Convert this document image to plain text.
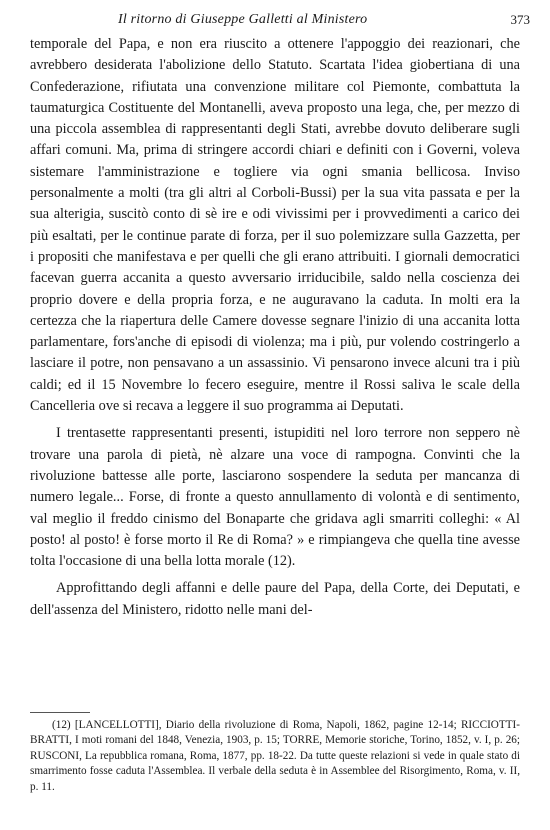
Il ritorno di Giuseppe Galletti al Ministero	373

temporale del Papa, e non era riuscito a ottenere l'appoggio dei reazionari, che avrebbero desiderata l'abolizione dello Statuto. Scartata l'idea giobertiana di una Confederazione, rifiutata una convenzione militare col Piemonte, combattuta la taumaturgica Costituente del Montanelli, aveva proposto una lega, che, per mezzo di una piccola assemblea di rappresentanti degli Stati, avrebbe dovuto deliberare sugli affari comuni. Ma, prima di stringere accordi chiari e definiti con i Governi, voleva sistemare l'amministrazione e togliere via ogni smania bellicosa. Inviso personalmente a molti (tra gli altri al Corboli-Bussi) per la sua vita passata e per la sua alterigia, suscitò conto di sè ire e odi vivissimi per i provvedimenti a carico dei più esaltati, per le continue parate di forza, per il suo polemizzare sulla Gazzetta, per i propositi che manifestava e per quelli che gli erano attribuiti. I giornali democratici facevan guerra accanita a questo avversario irriducibile, saldo nella coscienza dei proprio dovere e della propria forza, e ne auguravano la caduta. In molti era la certezza che la riapertura delle Camere dovesse segnare l'inizio di una accanita lotta parlamentare, fors'anche di episodi di violenza; ma i più, pur volendo costringerlo a lasciare il potre, non pensavano a un assassinio. Vi pensarono invece alcuni tra i più caldi; ed il 15 Novembre lo fecero eseguire, mentre il Rossi saliva le scale della Cancelleria ove si recava a leggere il suo programma ai Deputati.

I trentasette rappresentanti presenti, istupiditi nel loro terrore non seppero nè trovare una parola di pietà, nè alzare una voce di rampogna. Convinti che la rivoluzione battesse alle porte, lasciarono sospendere la seduta per mancanza di numero legale... Forse, di fronte a questo annullamento di volontà e di sentimento, val meglio il freddo cinismo del Bonaparte che gridava agli smarriti colleghi: « Al posto! al posto! è forse morto il Re di Roma? » e rimpiangeva che quella tine avesse tolta l'occasione di una bella lotta morale (12).

Approfittando degli affanni e delle paure del Papa, della Corte, dei Deputati, e dell'assenza del Ministero, ridotto nelle mani del-

(12) [LANCELLOTTI], Diario della rivoluzione di Roma, Napoli, 1862, pagine 12-14; RICCIOTTI-BRATTI, I moti romani del 1848, Venezia, 1903, p. 15; TORRE, Memorie storiche, Torino, 1852, v. I, p. 26; RUSCONI, La repubblica romana, Roma, 1877, pp. 18-22. Da tutte queste relazioni si vede in quale stato di smarrimento fosse caduta l'Assemblea. Il verbale della seduta è in Assemblee del Risorgimento, Roma, v. II, p. 11.
